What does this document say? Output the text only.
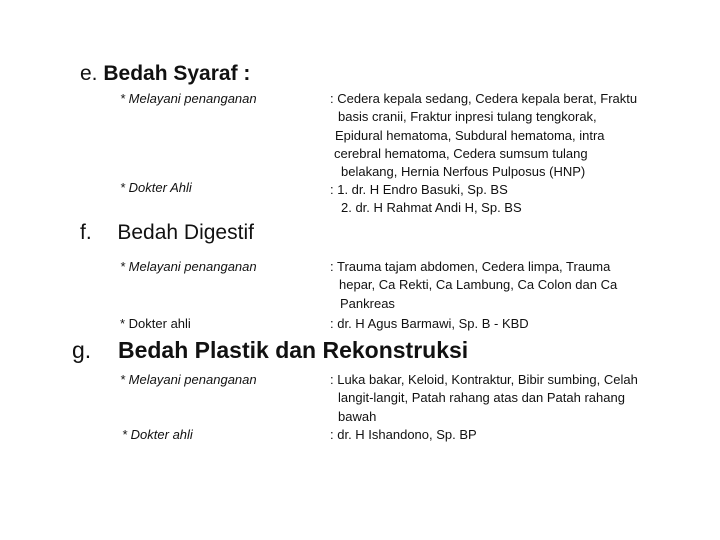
e. Bedah Syaraf :
* Melayani penanganan
* Dokter Ahli
: Cedera kepala sedang, Cedera kepala berat, Fraktu
basis cranii, Fraktur inpresi tulang tengkorak,
Epidural hematoma, Subdural hematoma, intra
cerebral hematoma, Cedera sumsum tulang
belakang, Hernia Nerfous Pulposus (HNP)
: 1. dr. H Endro Basuki, Sp. BS
2. dr. H Rahmat Andi H, Sp. BS
f. Bedah Digestif
* Melayani penanganan
* Dokter ahli
: Trauma tajam abdomen, Cedera limpa, Trauma
hepar, Ca Rekti, Ca Lambung, Ca Colon dan Ca
Pankreas
: dr. H Agus Barmawi, Sp. B - KBD
g. Bedah Plastik dan Rekonstruksi
* Melayani penanganan
* Dokter ahli
: Luka bakar, Keloid, Kontraktur, Bibir sumbing, Celah
langit-langit, Patah rahang atas dan Patah rahang
bawah
: dr. H Ishandono, Sp. BP
